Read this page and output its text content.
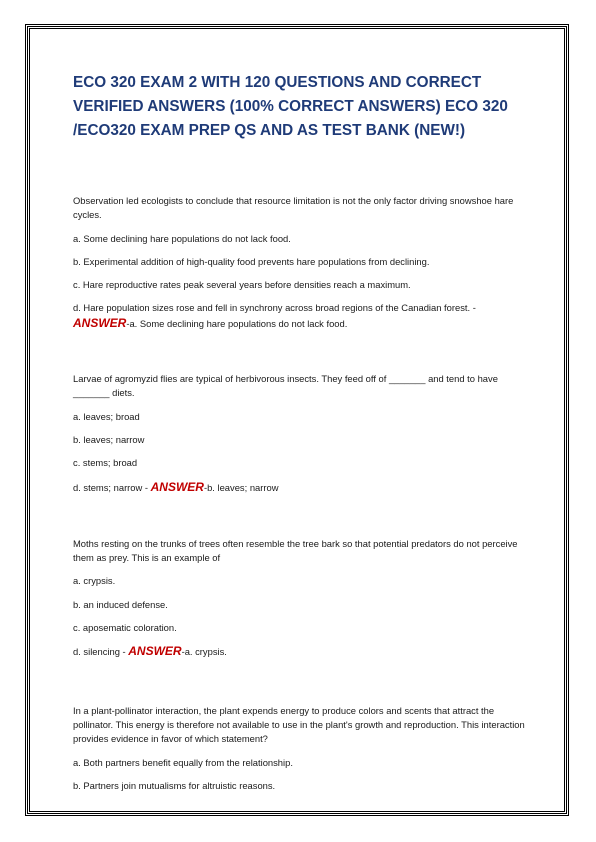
ECO 320 EXAM 2 WITH 120 QUESTIONS AND CORRECT VERIFIED ANSWERS (100% CORRECT ANSWERS) ECO 320 /ECO320 EXAM PREP QS AND AS TEST BANK (NEW!)

Observation led ecologists to conclude that resource limitation is not the only factor driving snowshoe hare cycles.

a. Some declining hare populations do not lack food.

b. Experimental addition of high-quality food prevents hare populations from declining.

c. Hare reproductive rates peak several years before densities reach a maximum.

d. Hare population sizes rose and fell in synchrony across broad regions of the Canadian forest. -
ANSWER-a. Some declining hare populations do not lack food.

Larvae of agromyzid flies are typical of herbivorous insects. They feed off of _______ and tend to have _______ diets.

a. leaves; broad

b. leaves; narrow

c. stems; broad

d. stems; narrow - ANSWER-b. leaves; narrow

Moths resting on the trunks of trees often resemble the tree bark so that potential predators do not perceive them as prey. This is an example of

a. crypsis.

b. an induced defense.

c. aposematic coloration.

d. silencing - ANSWER-a. crypsis.

In a plant-pollinator interaction, the plant expends energy to produce colors and scents that attract the pollinator. This energy is therefore not available to use in the plant's growth and reproduction. This interaction provides evidence in favor of which statement?

a. Both partners benefit equally from the relationship.

b. Partners join mutualisms for altruistic reasons.
